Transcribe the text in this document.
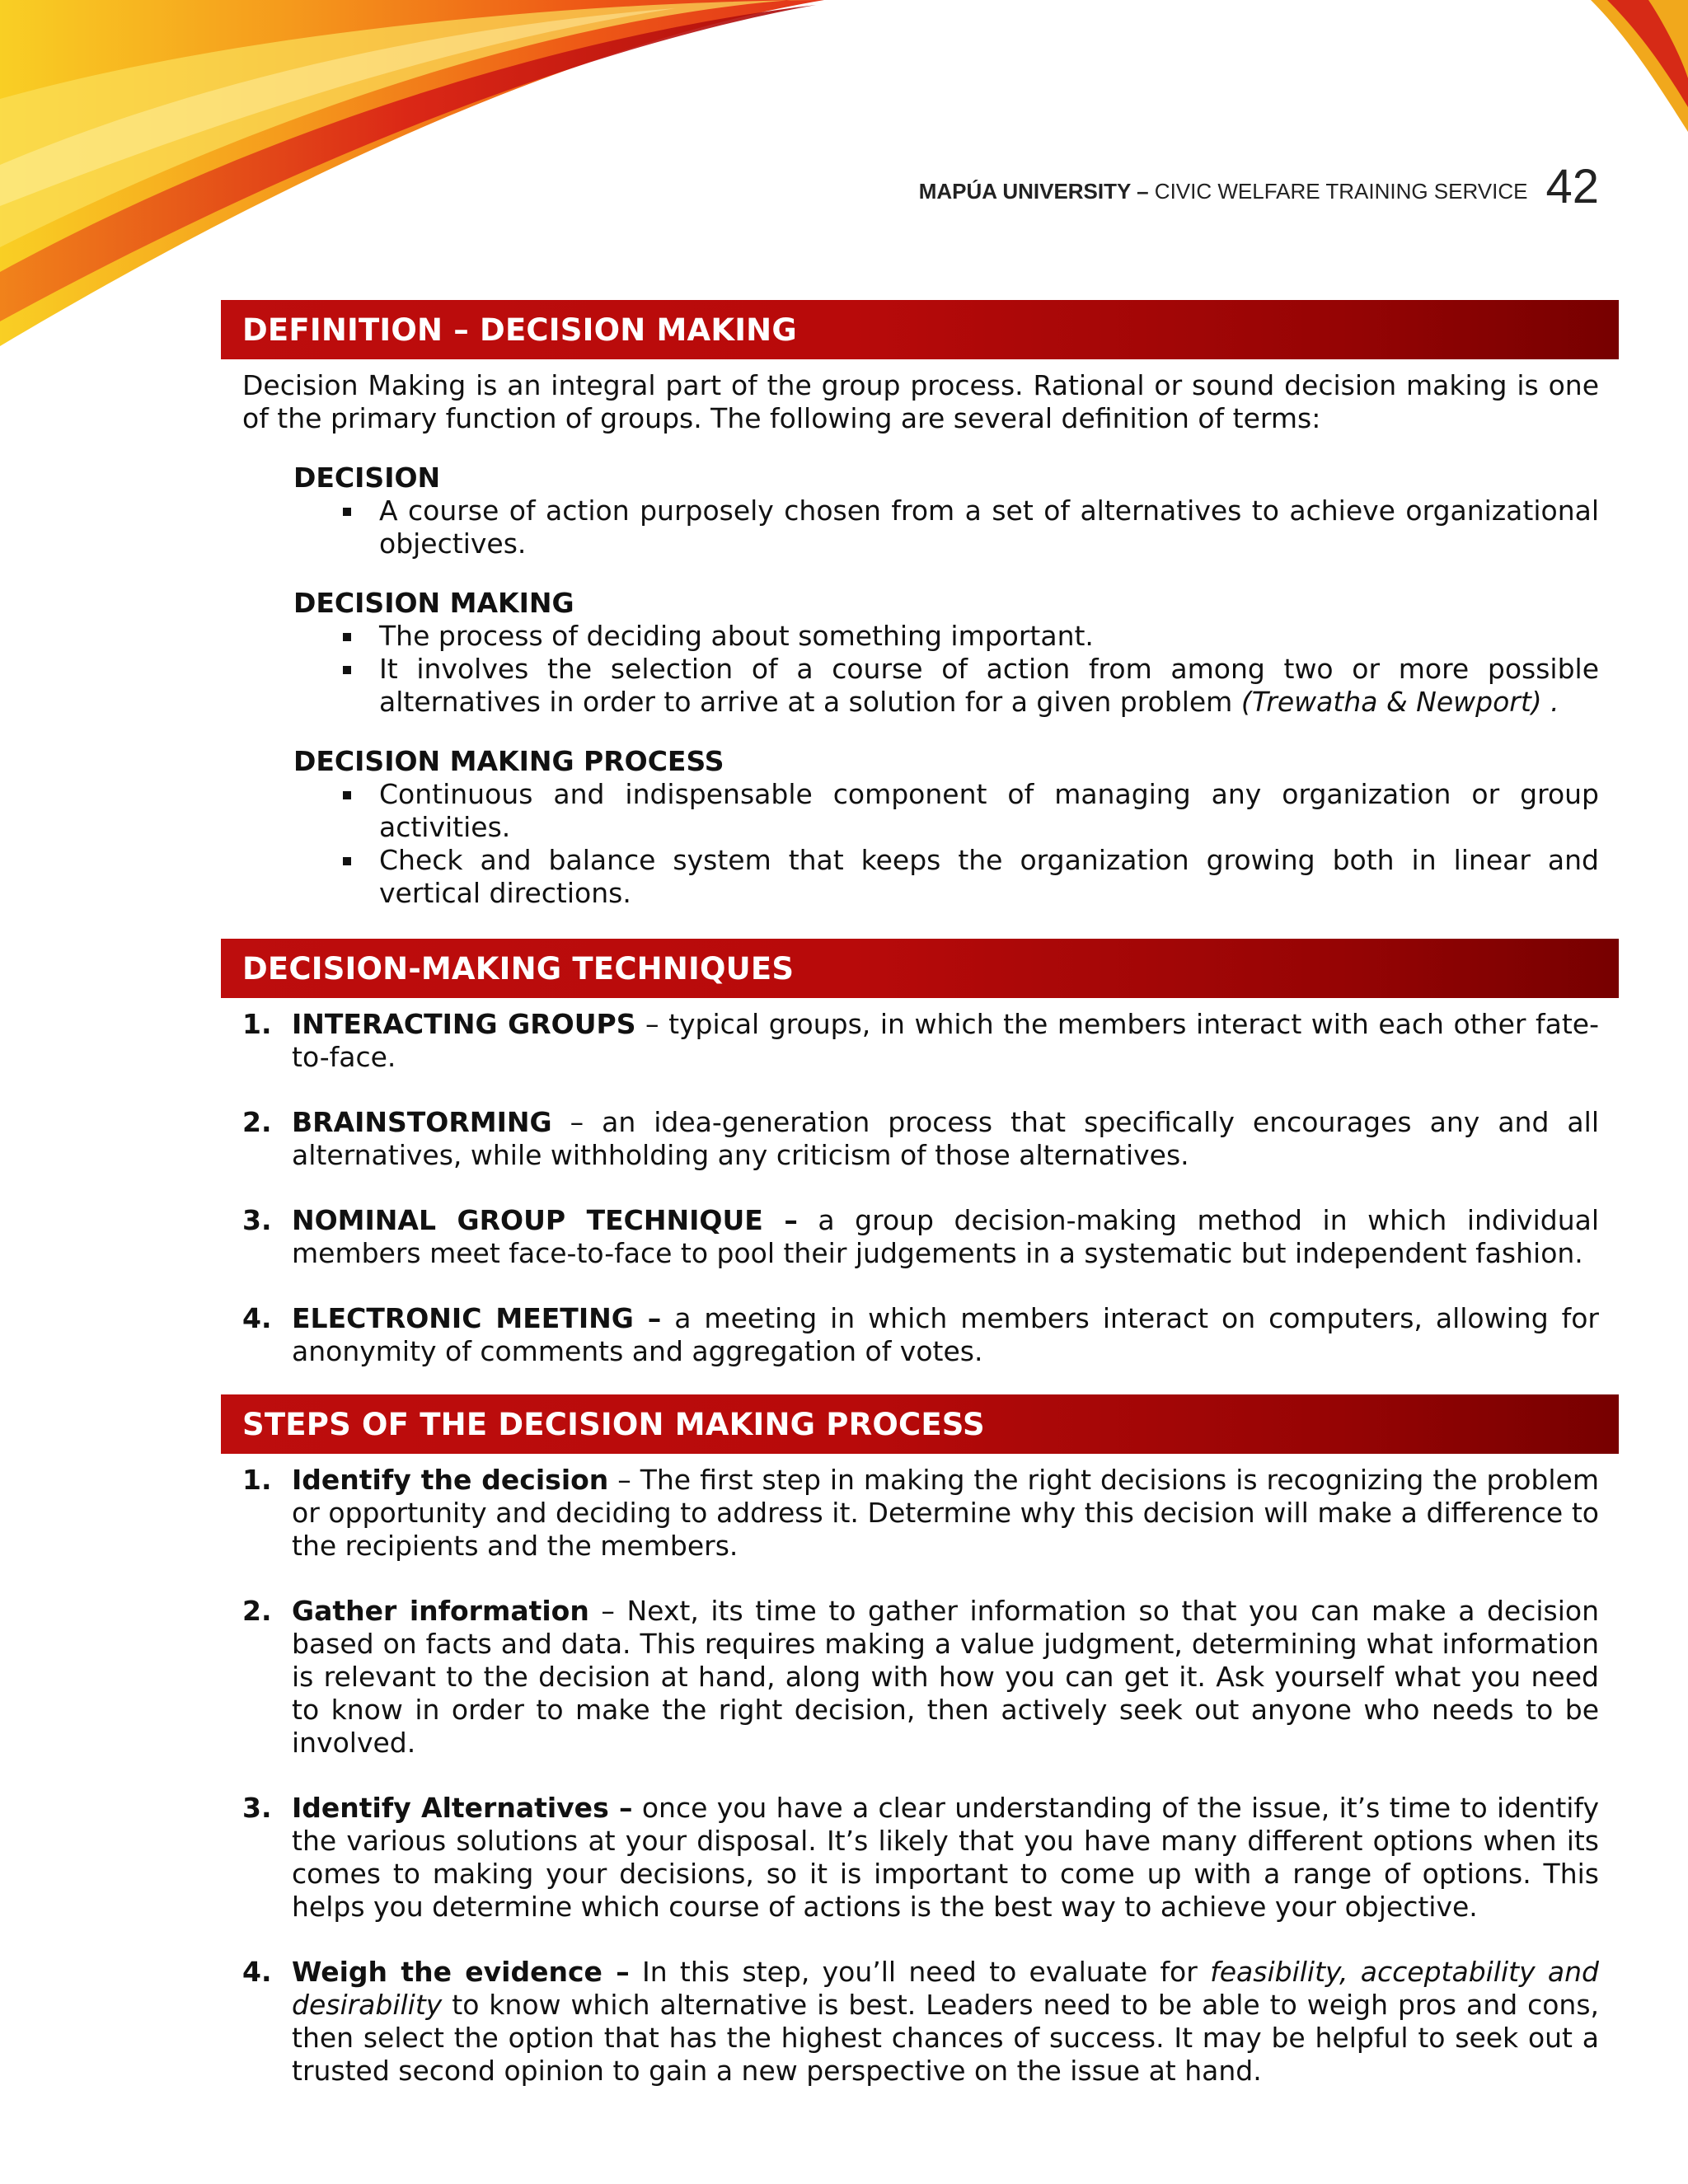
MAPÚA UNIVERSITY – CIVIC WELFARE TRAINING SERVICE 42
DEFINITION – DECISION MAKING

Decision Making is an integral part of the group process. Rational or sound decision making is one of the primary function of groups. The following are several definition of terms:

DECISION
A course of action purposely chosen from a set of alternatives to achieve organizational objectives.
DECISION MAKING
The process of deciding about something important.
It involves the selection of a course of action from among two or more possible alternatives in order to arrive at a solution for a given problem (Trewatha & Newport) .
DECISION MAKING PROCESS
Continuous and indispensable component of managing any organization or group activities.
Check and balance system that keeps the organization growing both in linear and vertical directions.
DECISION-MAKING TECHNIQUES
1. INTERACTING GROUPS – typical groups, in which the members interact with each other fate-to-face.
2. BRAINSTORMING – an idea-generation process that specifically encourages any and all alternatives, while withholding any criticism of those alternatives.
3. NOMINAL GROUP TECHNIQUE – a group decision-making method in which individual members meet face-to-face to pool their judgements in a systematic but independent fashion.
4. ELECTRONIC MEETING – a meeting in which members interact on computers, allowing for anonymity of comments and aggregation of votes.
STEPS OF THE DECISION MAKING PROCESS
1. Identify the decision – The first step in making the right decisions is recognizing the problem or opportunity and deciding to address it. Determine why this decision will make a difference to the recipients and the members.
2. Gather information – Next, its time to gather information so that you can make a decision based on facts and data. This requires making a value judgment, determining what information is relevant to the decision at hand, along with how you can get it. Ask yourself what you need to know in order to make the right decision, then actively seek out anyone who needs to be involved.
3. Identify Alternatives – once you have a clear understanding of the issue, it’s time to identify the various solutions at your disposal. It’s likely that you have many different options when its comes to making your decisions, so it is important to come up with a range of options. This helps you determine which course of actions is the best way to achieve your objective.
4. Weigh the evidence – In this step, you’ll need to evaluate for feasibility, acceptability and desirability to know which alternative is best. Leaders need to be able to weigh pros and cons, then select the option that has the highest chances of success. It may be helpful to seek out a trusted second opinion to gain a new perspective on the issue at hand.
